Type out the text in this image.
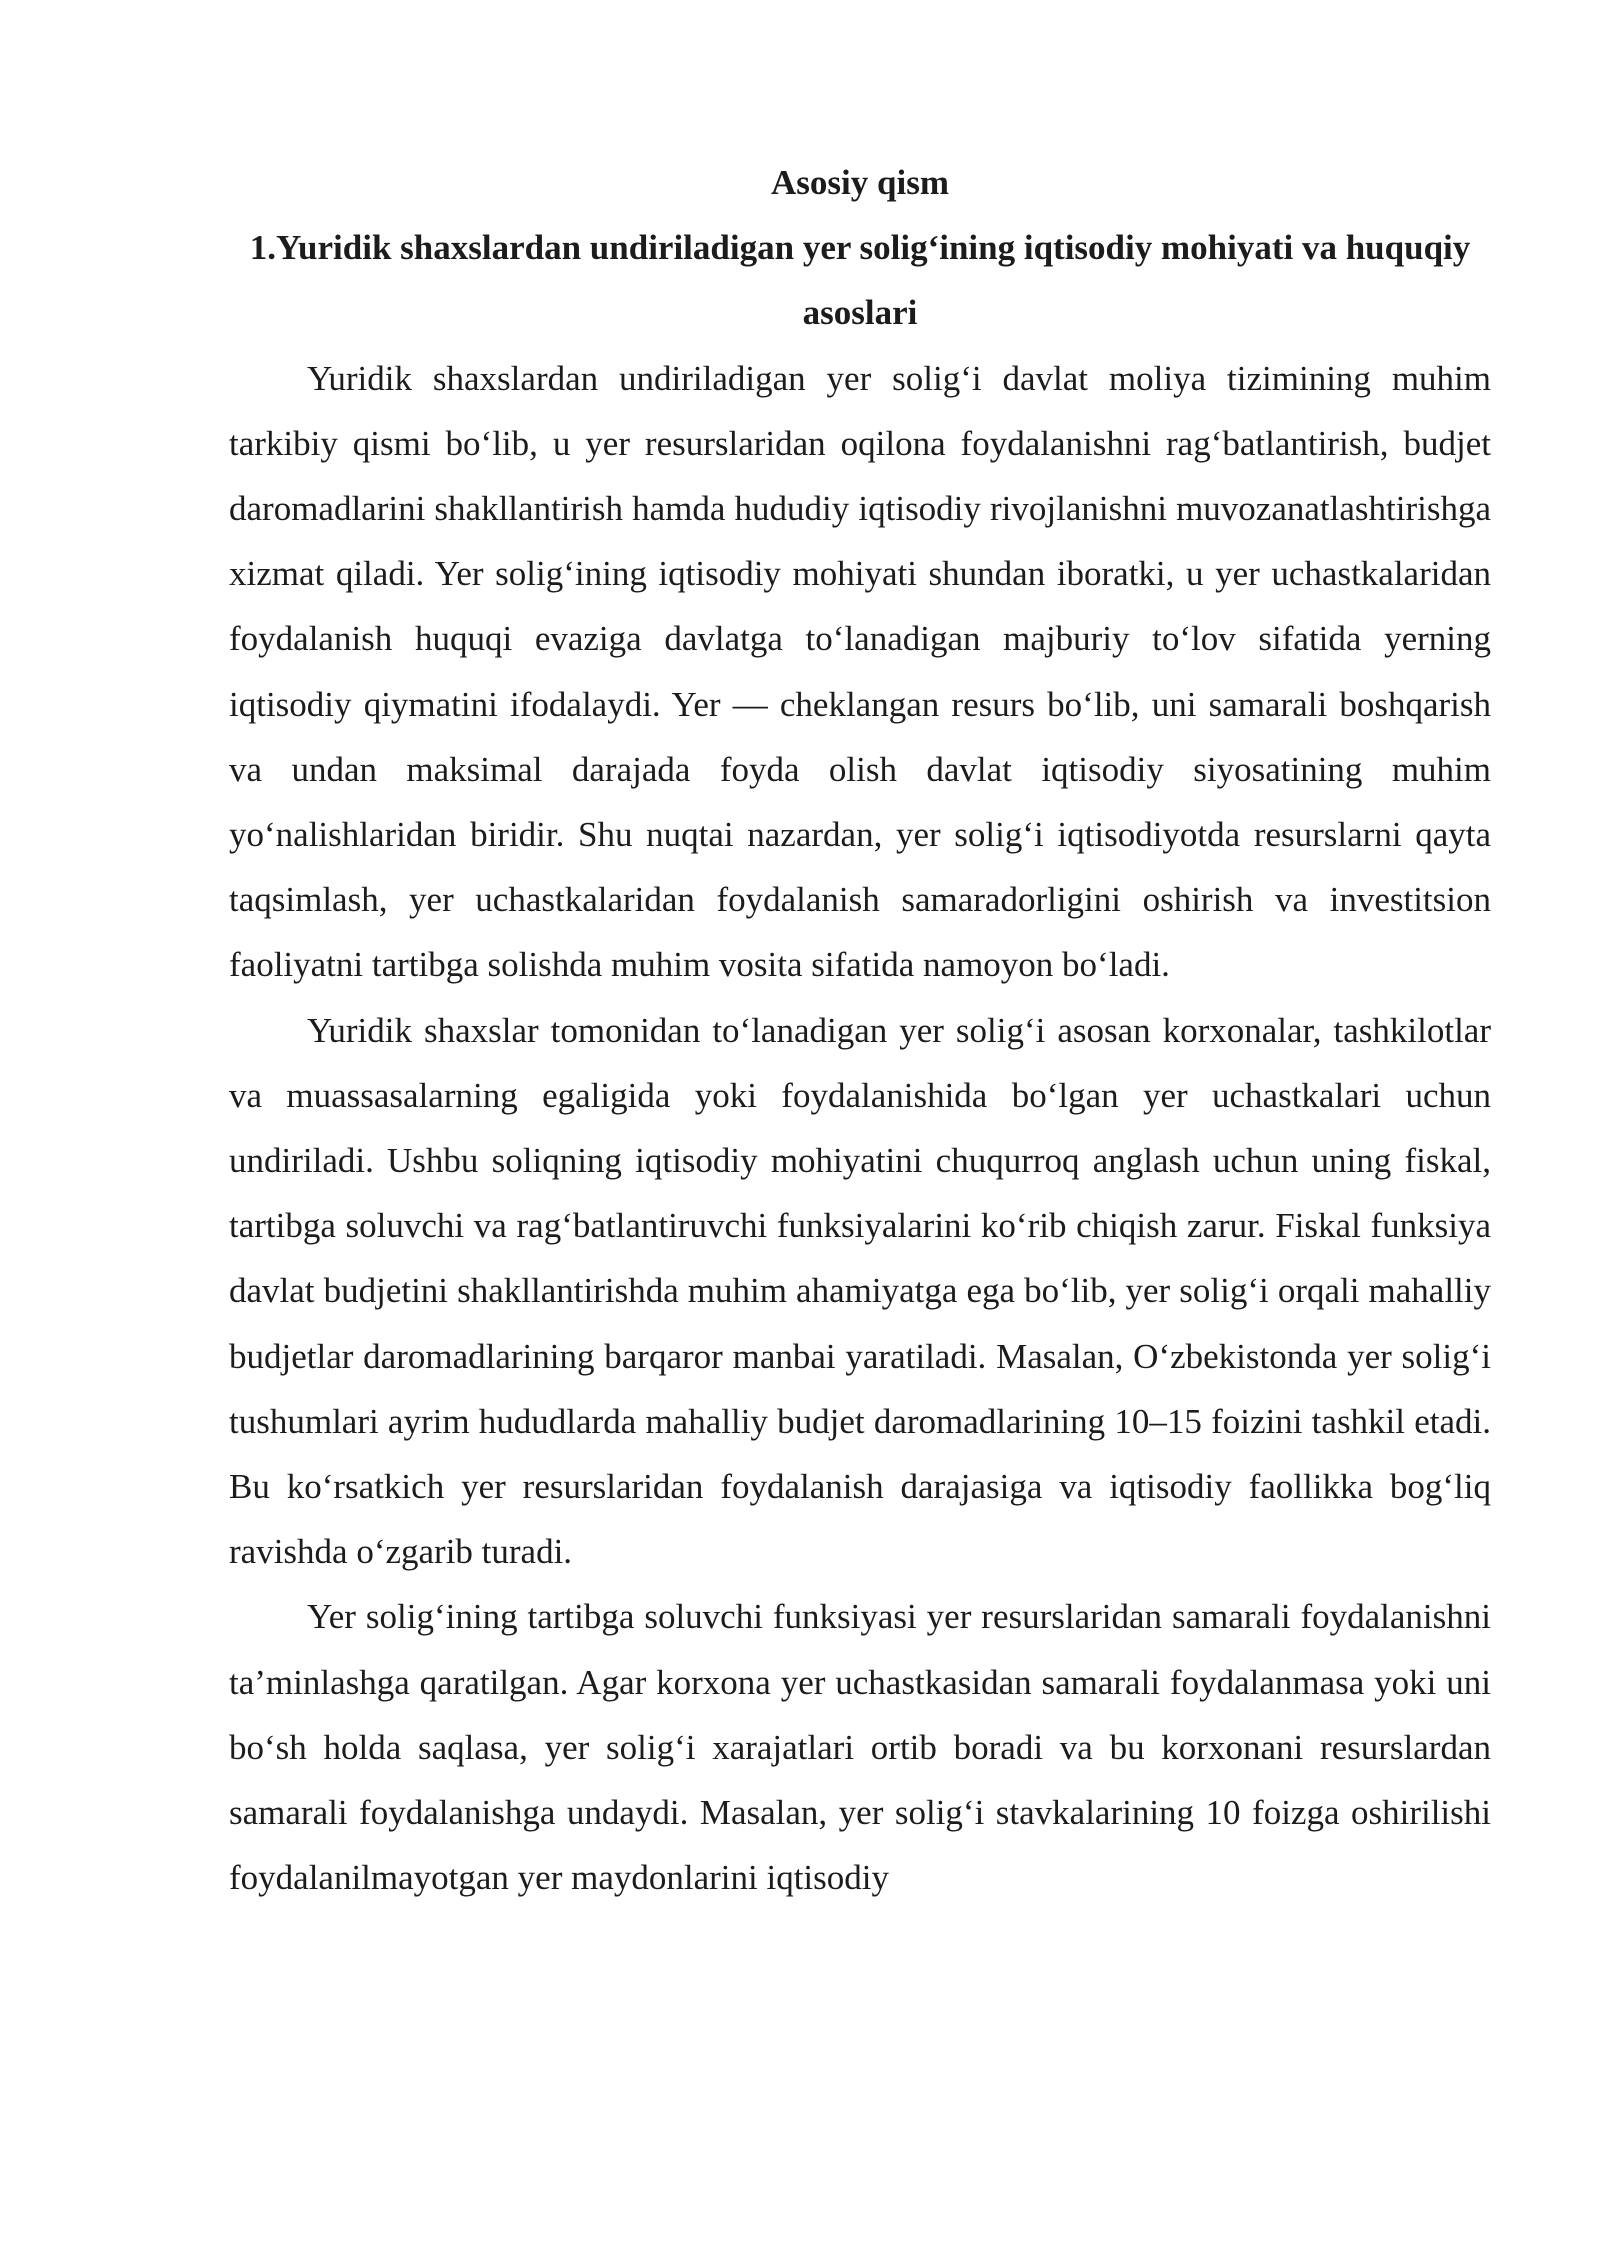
Asosiy qism

1.Yuridik shaxslardan undiriladigan yer solig‘ining iqtisodiy mohiyati va huquqiy asoslari

Yuridik shaxslardan undiriladigan yer solig‘i davlat moliya tizimining muhim tarkibiy qismi bo‘lib, u yer resurslaridan oqilona foydalanishni rag‘batlantirish, budjet daromadlarini shakllantirish hamda hududiy iqtisodiy rivojlanishni muvozanatlashtirishga xizmat qiladi. Yer solig‘ining iqtisodiy mohiyati shundan iboratki, u yer uchastkalaridan foydalanish huquqi evaziga davlatga to‘lanadigan majburiy to‘lov sifatida yerning iqtisodiy qiymatini ifodalaydi. Yer — cheklangan resurs bo‘lib, uni samarali boshqarish va undan maksimal darajada foyda olish davlat iqtisodiy siyosatining muhim yo‘nalishlaridan biridir. Shu nuqtai nazardan, yer solig‘i iqtisodiyotda resurslarni qayta taqsimlash, yer uchastkalaridan foydalanish samaradorligini oshirish va investitsion faoliyatni tartibga solishda muhim vosita sifatida namoyon bo‘ladi.

Yuridik shaxslar tomonidan to‘lanadigan yer solig‘i asosan korxonalar, tashkilotlar va muassasalarning egaligida yoki foydalanishida bo‘lgan yer uchastkalari uchun undiriladi. Ushbu soliqning iqtisodiy mohiyatini chuqurroq anglash uchun uning fiskal, tartibga soluvchi va rag‘batlantiruvchi funksiyalarini ko‘rib chiqish zarur. Fiskal funksiya davlat budjetini shakllantirishda muhim ahamiyatga ega bo‘lib, yer solig‘i orqali mahalliy budjetlar daromadlarining barqaror manbai yaratiladi. Masalan, O‘zbekistonda yer solig‘i tushumlari ayrim hududlarda mahalliy budjet daromadlarining 10–15 foizini tashkil etadi. Bu ko‘rsatkich yer resurslaridan foydalanish darajasiga va iqtisodiy faollikka bog‘liq ravishda o‘zgarib turadi.

Yer solig‘ining tartibga soluvchi funksiyasi yer resurslaridan samarali foydalanishni ta’minlashga qaratilgan. Agar korxona yer uchastkasidan samarali foydalanmasa yoki uni bo‘sh holda saqlasa, yer solig‘i xarajatlari ortib boradi va bu korxonani resurslardan samarali foydalanishga undaydi. Masalan, yer solig‘i stavkalarining 10 foizga oshirilishi foydalanilmayotgan yer maydonlarini iqtisodiy
